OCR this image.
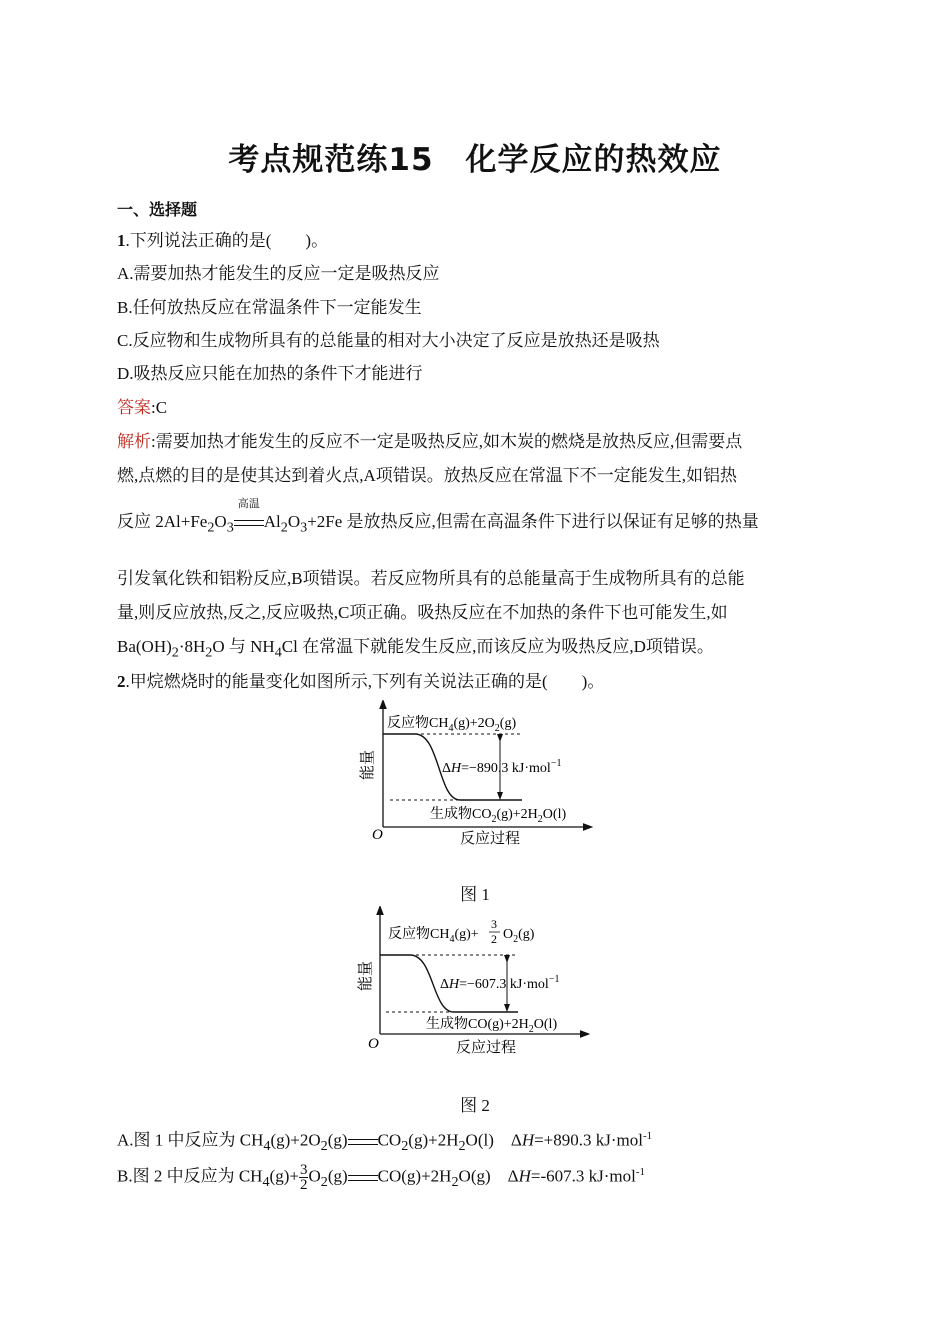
考点规范练15　化学反应的热效应
一、选择题
1.下列说法正确的是(　　)。
A.需要加热才能发生的反应一定是吸热反应
B.任何放热反应在常温条件下一定能发生
C.反应物和生成物所具有的总能量的相对大小决定了反应是放热还是吸热
D.吸热反应只能在加热的条件下才能进行
答案:C
解析:需要加热才能发生的反应不一定是吸热反应,如木炭的燃烧是放热反应,但需要点
燃,点燃的目的是使其达到着火点,A项错误。放热反应在常温下不一定能发生,如铝热
反应 $2Al+Fe_2O_3$
高温
$Al_2O_3+2Fe$ 是放热反应,但需在高温条件下进行以保证有足够的热量
引发氧化铁和铝粉反应,B项错误。若反应物所具有的总能量高于生成物所具有的总能
量,则反应放热,反之,反应吸热,C项正确。吸热反应在不加热的条件下也可能发生,如
$Ba(OH)_2\cdot 8H_2O$ 与 $NH_4Cl$ 在常温下就能发生反应,而该反应为吸热反应,D项错误。
2.甲烷燃烧时的能量变化如图所示,下列有关说法正确的是(　　)。
能量
O	反应过程
反应物$CH_4(g)+2O_2(g)$
ΔH=−890.3 kJ·mol$^{-1}$
生成物$CO_2(g)+2H_2O(l)$
图 1
能量
O	反应过程
反应物$CH_4(g)+$
3
2 $O_2(g)$
ΔH=−607.3 kJ·mol$^{-1}$
生成物$CO(g)+2H_2O(l)$
图 2
A.图 1 中反应为 $CH_4(g)+2O_2(g)$ $CO_2(g)+2H_2O(l)$　ΔH=+890.3 kJ·mol$^{-1}$
B.图 2 中反应为 $CH_4(g)+ \frac{3}{2} O_2(g)$ $CO(g)+2H_2O(g)$　ΔH=-607.3 kJ·mol$^{-1}$
